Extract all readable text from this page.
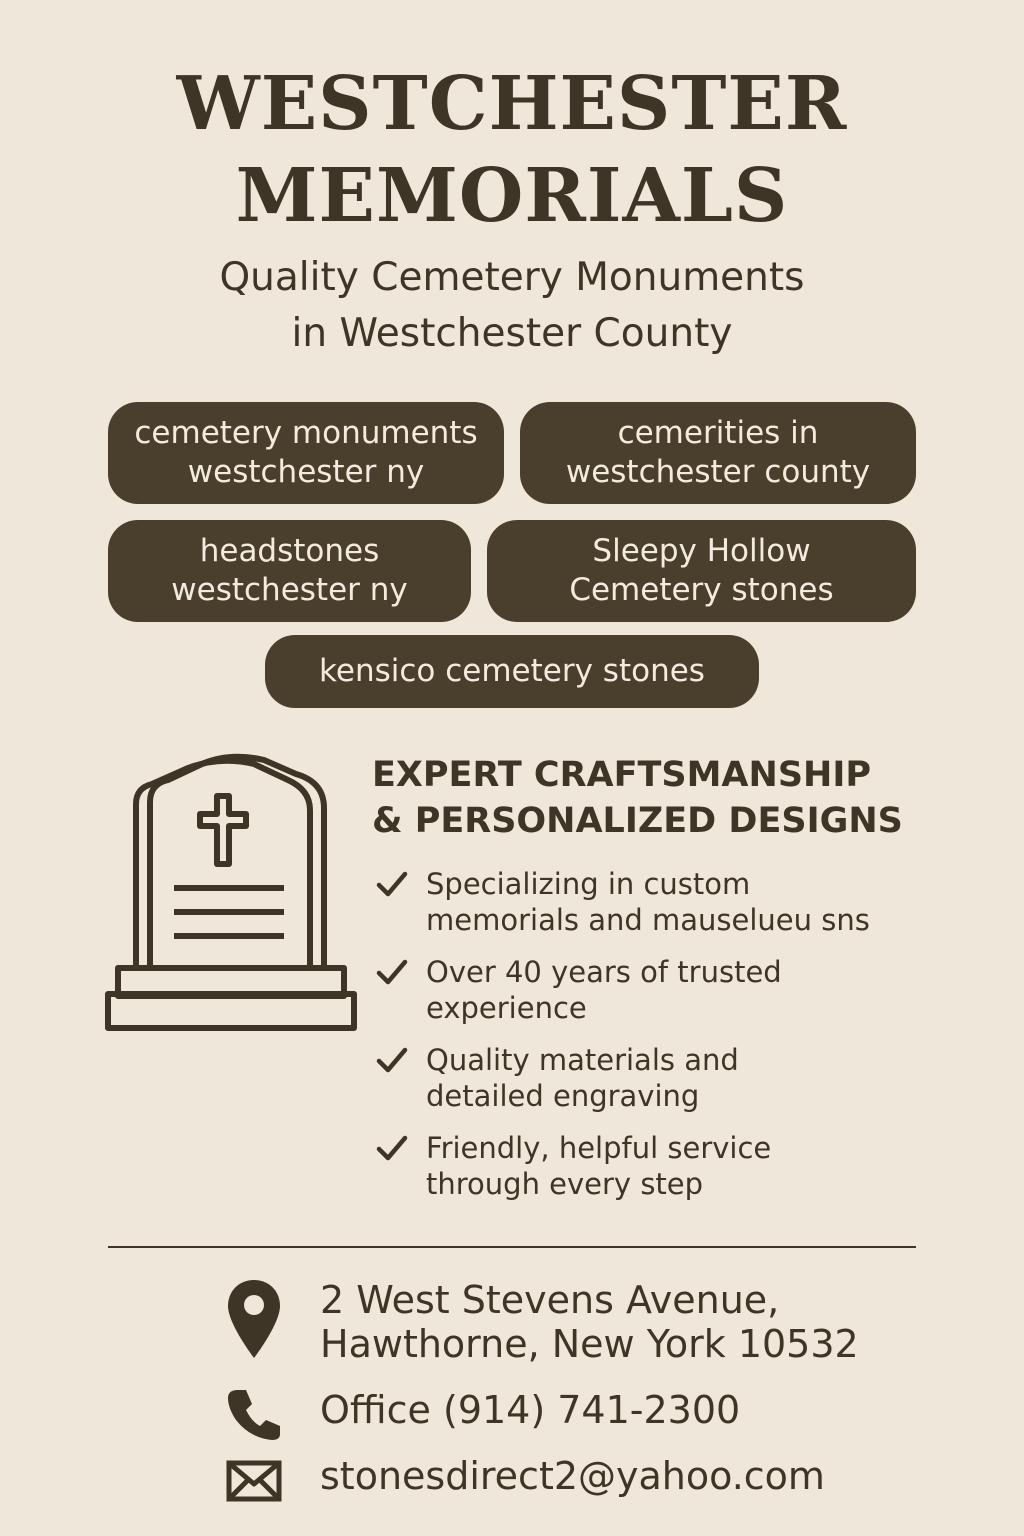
WESTCHESTER
MEMORIALS
Quality Cemetery Monuments
in Westchester County
cemetery monuments
westchester ny
cemerities in
westchester county
headstones
westchester ny
Sleepy Hollow
Cemetery stones
kensico cemetery stones
EXPERT CRAFTSMANSHIP
& PERSONALIZED DESIGNS
Specializing in custom
memorials and mauselueu sns
Over 40 years of trusted
experience
Quality materials and
detailed engraving
Friendly, helpful service
through every step
2 West Stevens Avenue,
Hawthorne, New York 10532
Office (914) 741-2300
stonesdirect2@yahoo.com
